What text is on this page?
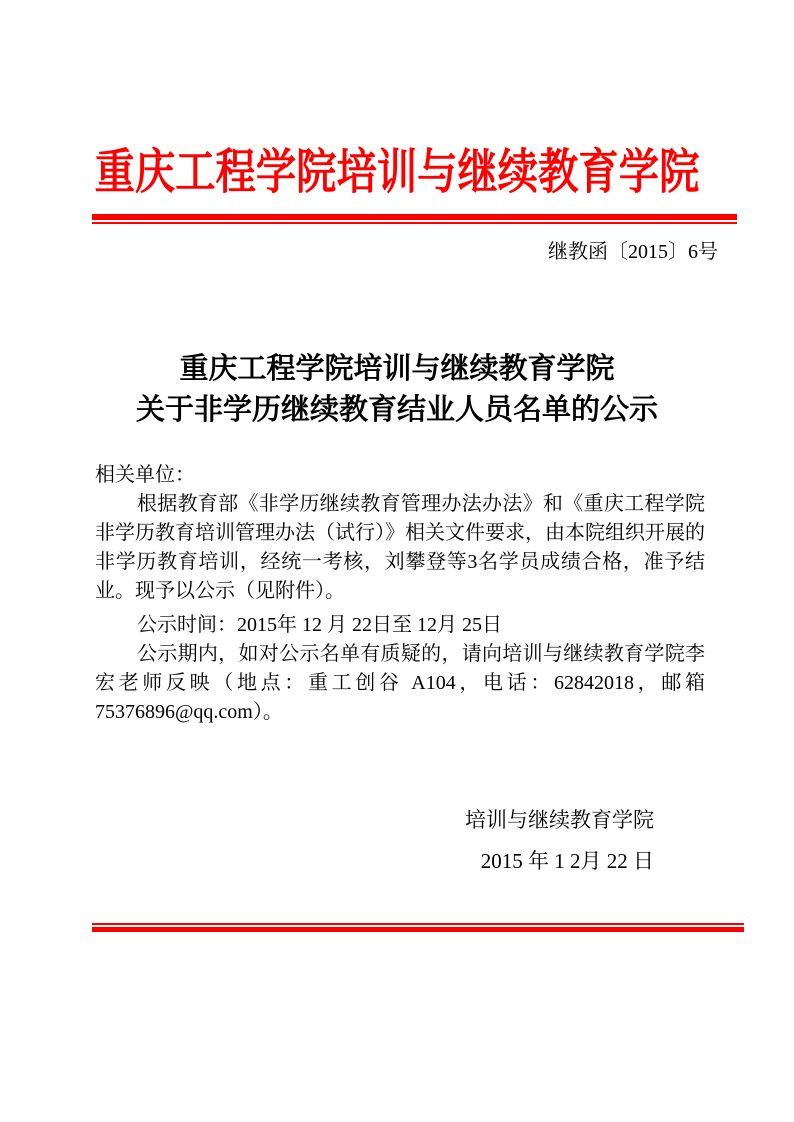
重庆工程学院培训与继续教育学院
继教函〔2015〕6号
重庆工程学院培训与继续教育学院
关于非学历继续教育结业人员名单的公示

相关单位：

根据教育部《非学历继续教育管理办法办法》和《重庆工程学院非学历教育培训管理办法（试行）》相关文件要求，由本院组织开展的非学历教育培训，经统一考核，刘攀登等3名学员成绩合格，准予结业。现予以公示（见附件）。

公示时间：2015年 12 月 22日至 12月 25日

公示期内，如对公示名单有质疑的，请向培训与继续教育学院李宏老师反映（地点：重工创谷 A104，电话：62842018，邮箱75376896@qq.com）。

培训与继续教育学院
2015 年 1 2月 22 日
